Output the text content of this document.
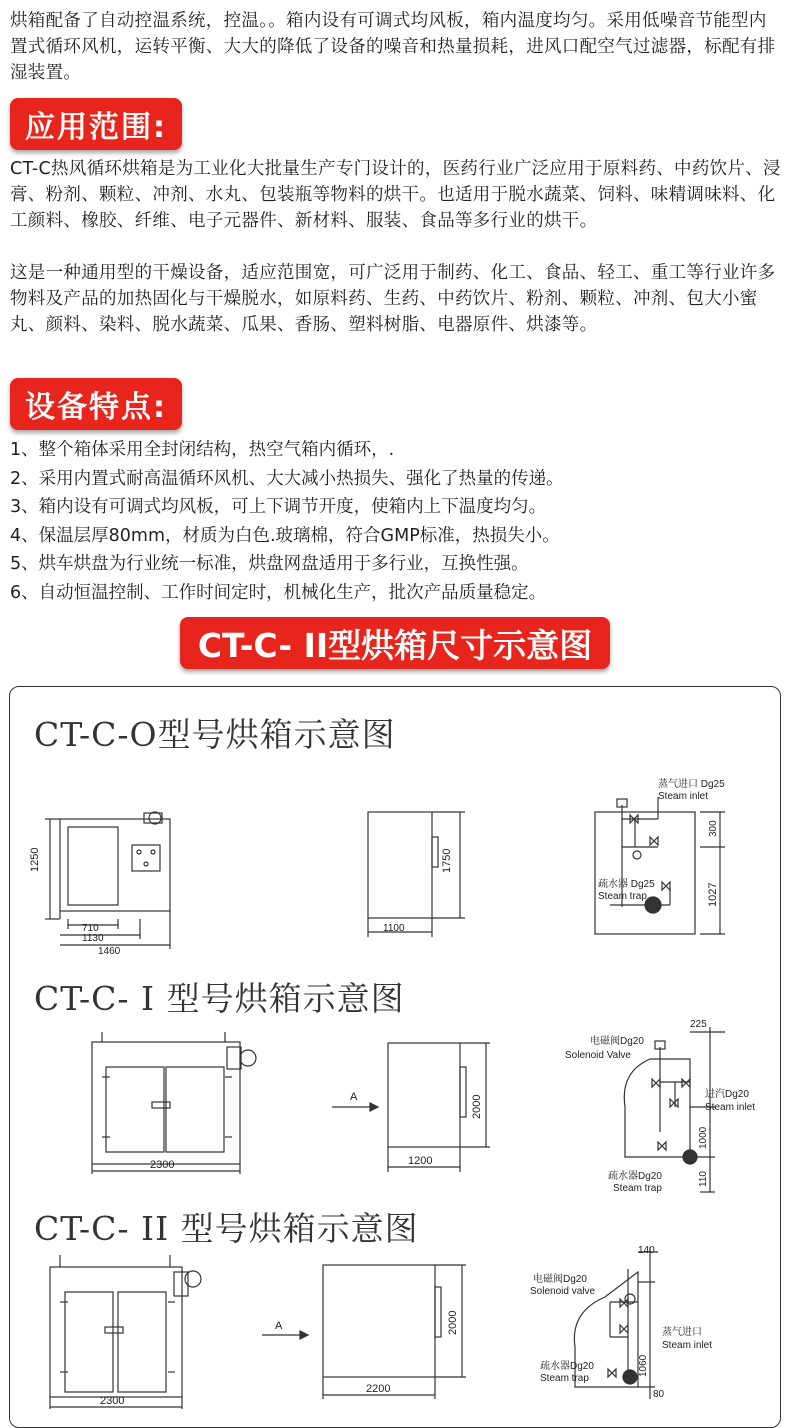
烘箱配备了自动控温系统，控温。。箱内设有可调式均风板，箱内温度均匀。采用低噪音节能型内置式循环风机，运转平衡、大大的降低了设备的噪音和热量损耗，进风口配空气过滤器，标配有排湿装置。
应用范围:
CT-C热风循环烘箱是为工业化大批量生产专门设计的，医药行业广泛应用于原料药、中药饮片、浸膏、粉剂、颗粒、冲剂、水丸、包装瓶等物料的烘干。也适用于脱水蔬菜、饲料、味精调味料、化工颜料、橡胶、纤维、电子元器件、新材料、服装、食品等多行业的烘干。
这是一种通用型的干燥设备，适应范围宽，可广泛用于制药、化工、食品、轻工、重工等行业许多物料及产品的加热固化与干燥脱水，如原料药、生药、中药饮片、粉剂、颗粒、冲剂、包大小蜜丸、颜料、染料、脱水蔬菜、瓜果、香肠、塑料树脂、电器原件、烘漆等。
设备特点:
1、整个箱体采用全封闭结构，热空气箱内循环，.
2、采用内置式耐高温循环风机、大大减小热损失、强化了热量的传递。
3、箱内设有可调式均风板，可上下调节开度，使箱内上下温度均匀。
4、保温层厚80mm，材质为白色.玻璃棉，符合GMP标准，热损失小。
5、烘车烘盘为行业统一标准，烘盘网盘适用于多行业，互换性强。
6、自动恒温控制、工作时间定时，机械化生产，批次产品质量稳定。
CT-C- II型烘箱尺寸示意图
CT-C-O型号烘箱示意图
1250
710
1130
1460
1750
1100
蒸气进口 Dg25
Steam inlet
疏水器 Dg25
Steam trap
300
1027
2300
A	2000
1200
电磁阀Dg20
Solenoid Valve
进汽Dg20
Steam inlet
疏水器Dg20
Steam trap
225
1000
110
2300
A	2000
2200
电磁阀Dg20
Solenoid valve
蒸气进口
Steam inlet
疏水器Dg20
Steam trap
140
1060
80
CT-C- I 型号烘箱示意图
CT-C- II 型号烘箱示意图
